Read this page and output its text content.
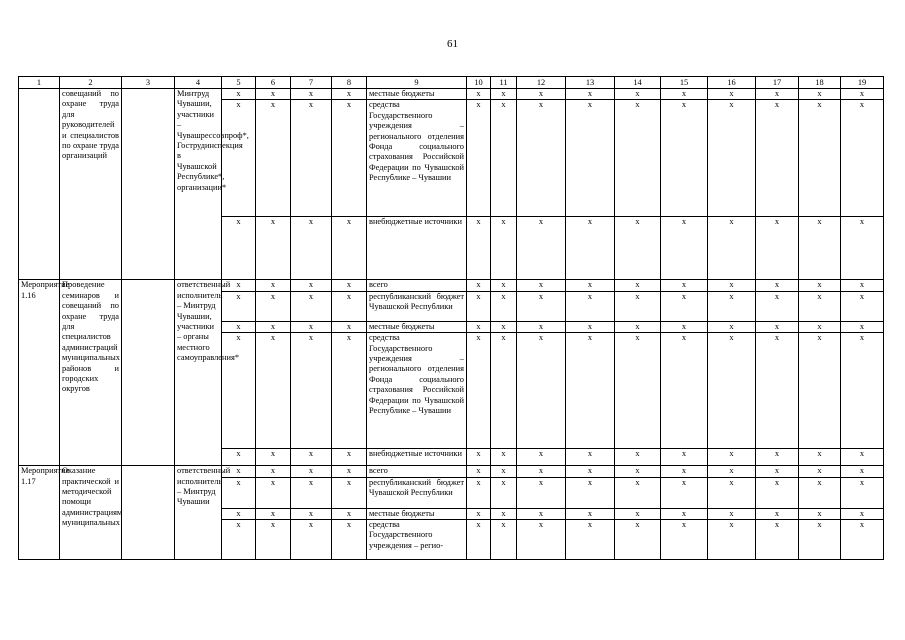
61
1	2	3	4	5	6	7	8	9	10	11	12	13	14	15	16	17	18	19
	совещаний по охране труда для руководителей и специалистов по охране труда организаций		Минтруд Чувашии, участники – Чувашрессовпроф*, Гострудинспекция в Чувашской Республике*, организации*	x	x	x	x	местные бюджеты	x	x	x	x	x	x	x	x	x	x
				x	x	x	x	средства Государственного учреждения – регионального отделения Фонда социального страхования Российской Федерации по Чувашской Республике – Чувашии	x	x	x	x	x	x	x	x	x	x
				x	x	x	x	внебюджетные источники	x	x	x	x	x	x	x	x	x	x
Мероприятие 1.16	Проведение семинаров и совещаний по охране труда для специалистов администраций муниципальных районов и городских округов		ответственный исполнитель – Минтруд Чувашии, участники – органы местного самоуправления*	x	x	x	x	всего	x	x	x	x	x	x	x	x	x	x
				x	x	x	x	республиканский бюджет Чувашской Республики	x	x	x	x	x	x	x	x	x	x
				x	x	x	x	местные бюджеты	x	x	x	x	x	x	x	x	x	x
				x	x	x	x	средства Государственного учреждения – регионального отделения Фонда социального страхования Российской Федерации по Чувашской Республике – Чувашии	x	x	x	x	x	x	x	x	x	x
				x	x	x	x	внебюджетные источники	x	x	x	x	x	x	x	x	x	x
Мероприятие 1.17	Оказание практической и методической помощи администрациям муниципальных		ответственный исполнитель – Минтруд Чувашии	x	x	x	x	всего	x	x	x	x	x	x	x	x	x	x
				x	x	x	x	республиканский бюджет Чувашской Республики	x	x	x	x	x	x	x	x	x	x
				x	x	x	x	местные бюджеты	x	x	x	x	x	x	x	x	x	x
				x	x	x	x	средства Государственного учреждения – регио-	x	x	x	x	x	x	x	x	x	x
